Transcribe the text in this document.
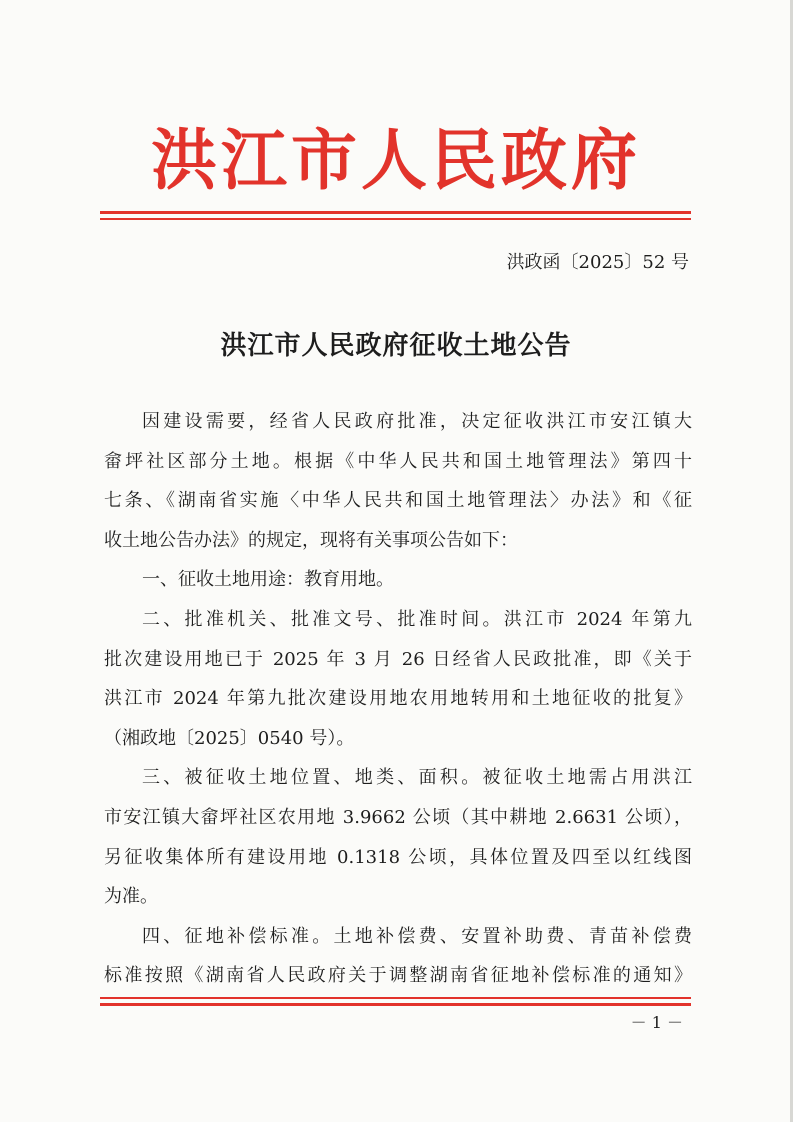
洪江市人民政府
洪政函〔2025〕52 号
洪江市人民政府征收土地公告
因建设需要，经省人民政府批准，决定征收洪江市安江镇大
畲坪社区部分土地。根据《中华人民共和国土地管理法》第四十
七条、《湖南省实施〈中华人民共和国土地管理法〉办法》和《征
收土地公告办法》的规定，现将有关事项公告如下：
一、征收土地用途：教育用地。
二、批准机关、批准文号、批准时间。洪江市 2024 年第九
批次建设用地已于 2025 年 3 月 26 日经省人民政批准，即《关于
洪江市 2024 年第九批次建设用地农用地转用和土地征收的批复》
（湘政地〔2025〕0540 号）。
三、被征收土地位置、地类、面积。被征收土地需占用洪江
市安江镇大畲坪社区农用地 3.9662 公顷（其中耕地 2.6631 公顷），
另征收集体所有建设用地 0.1318 公顷，具体位置及四至以红线图
为准。
四、征地补偿标准。土地补偿费、安置补助费、青苗补偿费
标准按照《湖南省人民政府关于调整湖南省征地补偿标准的通知》
－ 1 －
